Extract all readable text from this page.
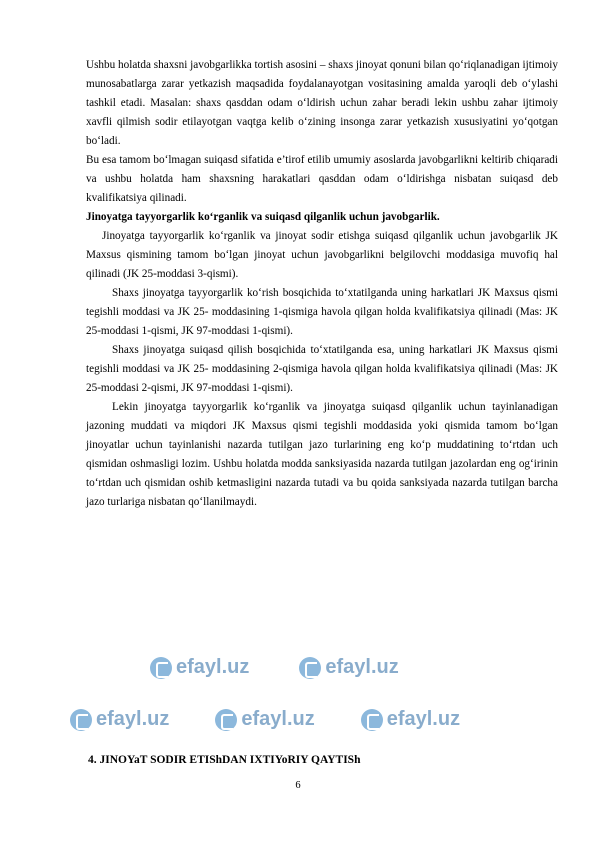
Ushbu holatda shaxsni javobgarlikka tortish asosini – shaxs jinoyat qonuni bilan qo‘riqlanadigan ijtimoiy munosabatlarga zarar yetkazish maqsadida foydalanayotgan vositasining amalda yaroqli deb o‘ylashi tashkil etadi. Masalan: shaxs qasddan odam o‘ldirish uchun zahar beradi lekin ushbu zahar ijtimoiy xavfli qilmish sodir etilayotgan vaqtga kelib o‘zining insonga zarar yetkazish xususiyatini yo‘qotgan bo‘ladi.

Bu esa tamom bo‘lmagan suiqasd sifatida e’tirof etilib umumiy asoslarda javobgarlikni keltirib chiqaradi va ushbu holatda ham shaxsning harakatlari qasddan odam o‘ldirishga nisbatan suiqasd deb kvalifikatsiya qilinadi.

Jinoyatga tayyorgarlik ko‘rganlik va suiqasd qilganlik uchun javobgarlik.

Jinoyatga tayyorgarlik ko‘rganlik va jinoyat sodir etishga suiqasd qilganlik uchun javobgarlik JK Maxsus qismining tamom bo‘lgan jinoyat uchun javobgarlikni belgilovchi moddasiga muvofiq hal qilinadi (JK 25-moddasi 3-qismi).

Shaxs jinoyatga tayyorgarlik ko‘rish bosqichida to‘xtatilganda uning harkatlari JK Maxsus qismi tegishli moddasi va JK 25- moddasining 1-qismiga havola qilgan holda kvalifikatsiya qilinadi (Mas: JK 25-moddasi 1-qismi, JK 97-moddasi 1-qismi).

Shaxs jinoyatga suiqasd qilish bosqichida to‘xtatilganda esa, uning harkatlari JK Maxsus qismi tegishli moddasi va JK 25- moddasining 2-qismiga havola qilgan holda kvalifikatsiya qilinadi (Mas: JK 25-moddasi 2-qismi, JK 97-moddasi 1-qismi).

Lekin jinoyatga tayyorgarlik ko‘rganlik va jinoyatga suiqasd qilganlik uchun tayinlanadigan jazoning muddati va miqdori JK Maxsus qismi tegishli moddasida yoki qismida tamom bo‘lgan jinoyatlar uchun tayinlanishi nazarda tutilgan jazo turlarining eng ko‘p muddatining to‘rtdan uch qismidan oshmasligi lozim. Ushbu holatda modda sanksiyasida nazarda tutilgan jazolardan eng og‘irinin to‘rtdan uch qismidan oshib ketmasligini nazarda tutadi va bu qoida sanksiyada nazarda tutilgan barcha jazo turlariga nisbatan qo‘llanilmaydi.

efayl.uz	efayl.uz
efayl.uz	efayl.uz	efayl.uz
4. JINOYaT SODIR ETIShDAN IXTIYoRIY QAYTISh
6
